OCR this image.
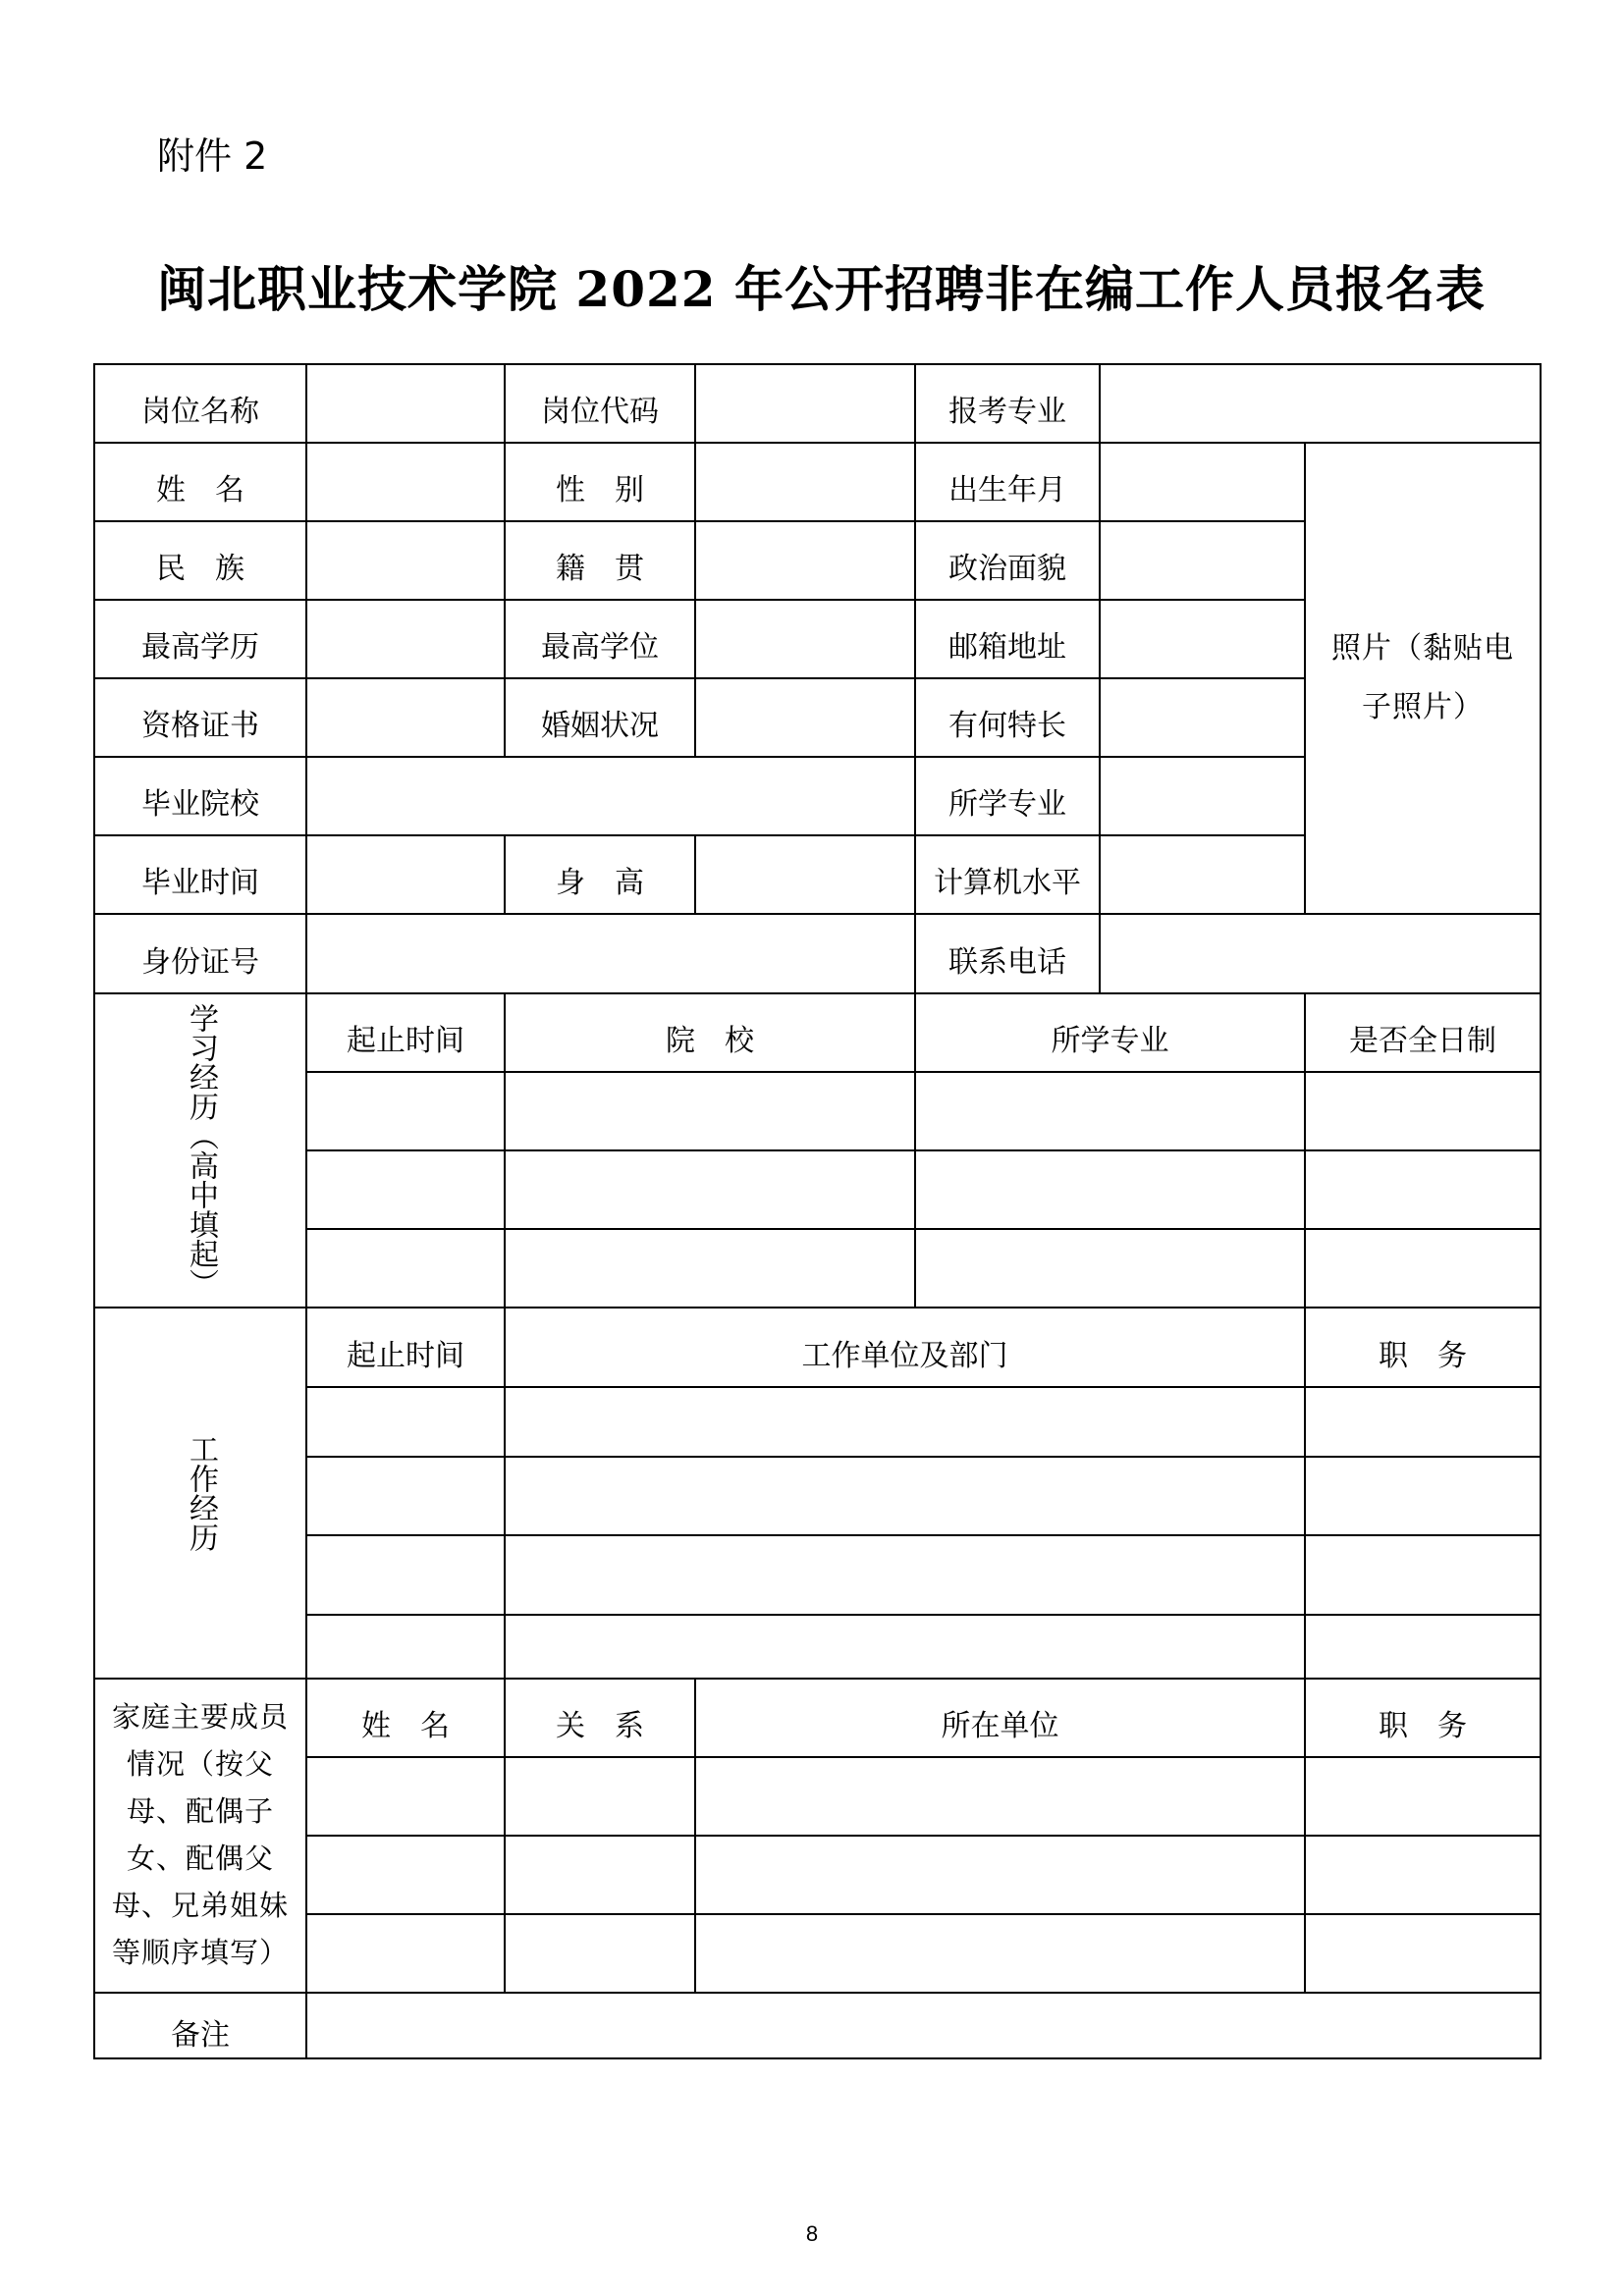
附件 2
闽北职业技术学院 2022 年公开招聘非在编工作人员报名表
岗位名称	岗位代码	报考专业
姓　名	性　别	出生年月
照片（黏贴电子照片）
民　族	籍　贯	政治面貌
最高学历	最高学位	邮箱地址
资格证书	婚姻状况	有何特长
毕业院校	所学专业
毕业时间	身　高	计算机水平
身份证号	联系电话
学习经历（高中填起）	起止时间	院　校	所学专业	是否全日制
工作经历
起止时间	工作单位及部门	职　务
家庭主要成员情况（按父母、配偶子女、配偶父母、兄弟姐妹等顺序填写）
姓　名	关　系	所在单位	职　务
备注
8
